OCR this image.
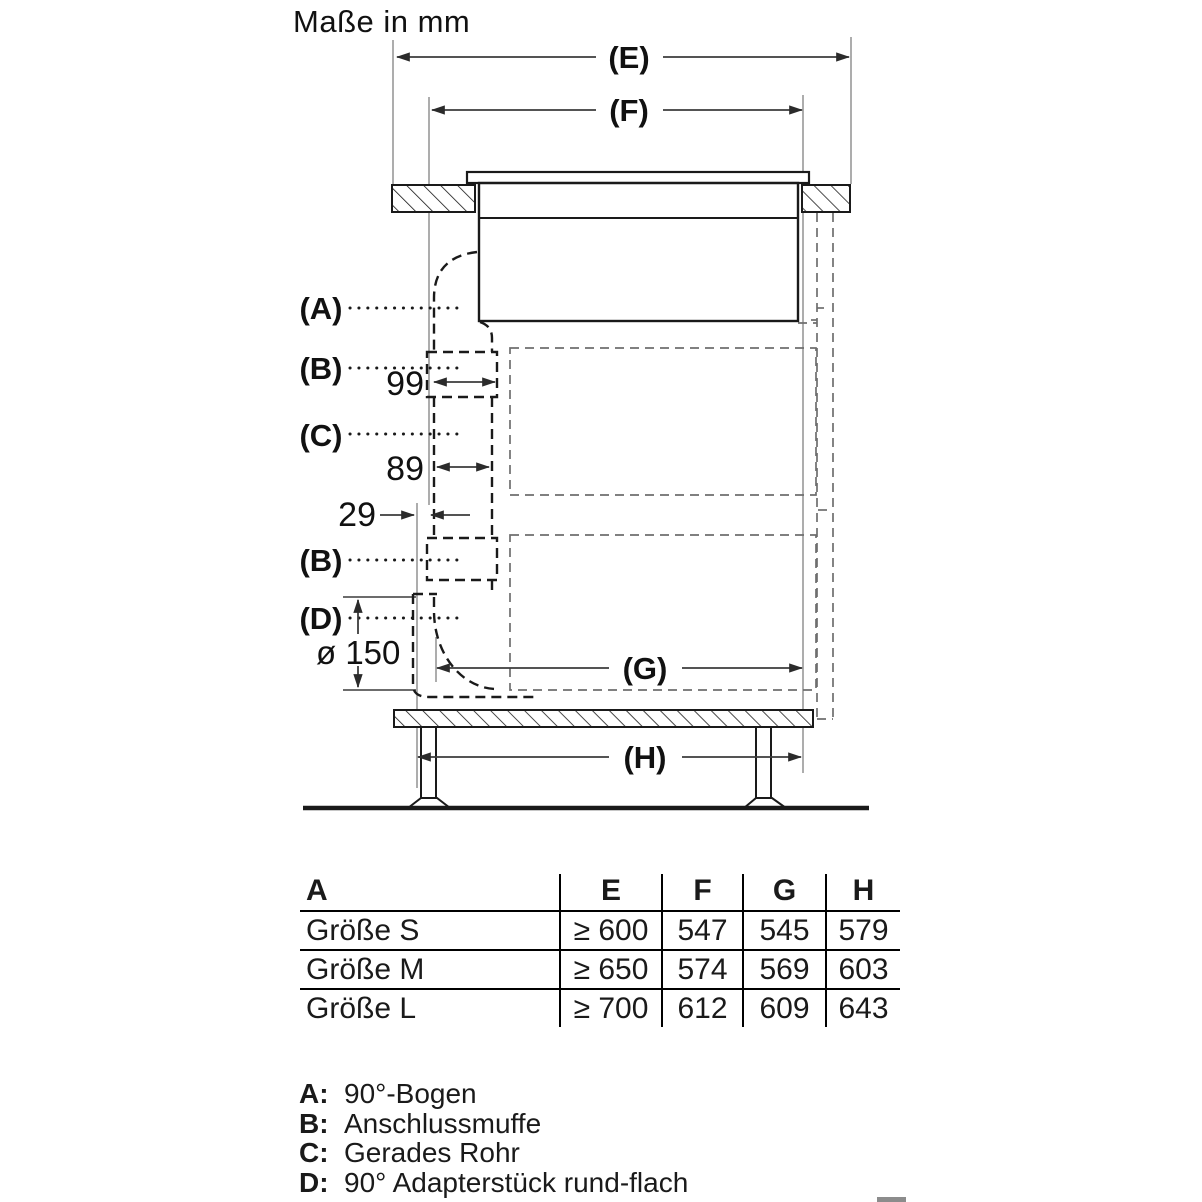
Maße in mm
(E)
(F)
(G)
(H)
(A)
(B)
(C)
(B)
(D)
99
89
29
ø 150
A	E	F	G	H
Größe S	≥ 600	547	545	579
Größe M	≥ 650	574	569	603
Größe L	≥ 700	612	609	643
A: 90°-Bogen
B: Anschlussmuffe
C: Gerades Rohr
D: 90° Adapterstück rund-flach
